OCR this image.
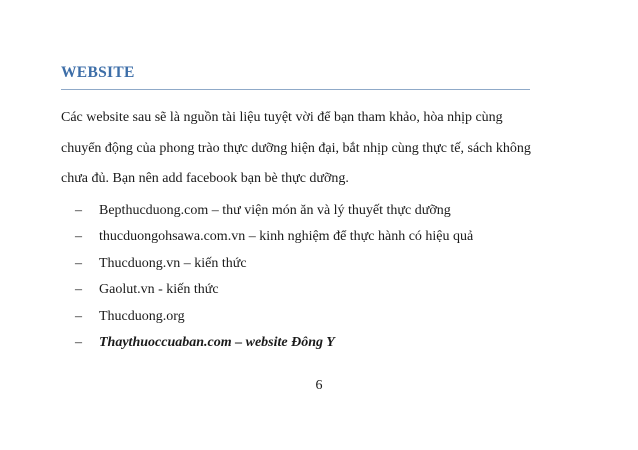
WEBSITE
Các website sau sẽ là nguồn tài liệu tuyệt vời để bạn tham khảo, hòa nhịp cùng
chuyển động của phong trào thực dưỡng hiện đại, bắt nhịp cùng thực tế, sách không
chưa đủ. Bạn nên add facebook bạn bè thực dưỡng.
– Bepthucduong.com – thư viện món ăn và lý thuyết thực dưỡng
– thucduongohsawa.com.vn – kinh nghiệm để thực hành có hiệu quả
– Thucduong.vn – kiến thức
– Gaolut.vn - kiến thức
– Thucduong.org
– Thaythuoccuaban.com – website Đông Y
6
